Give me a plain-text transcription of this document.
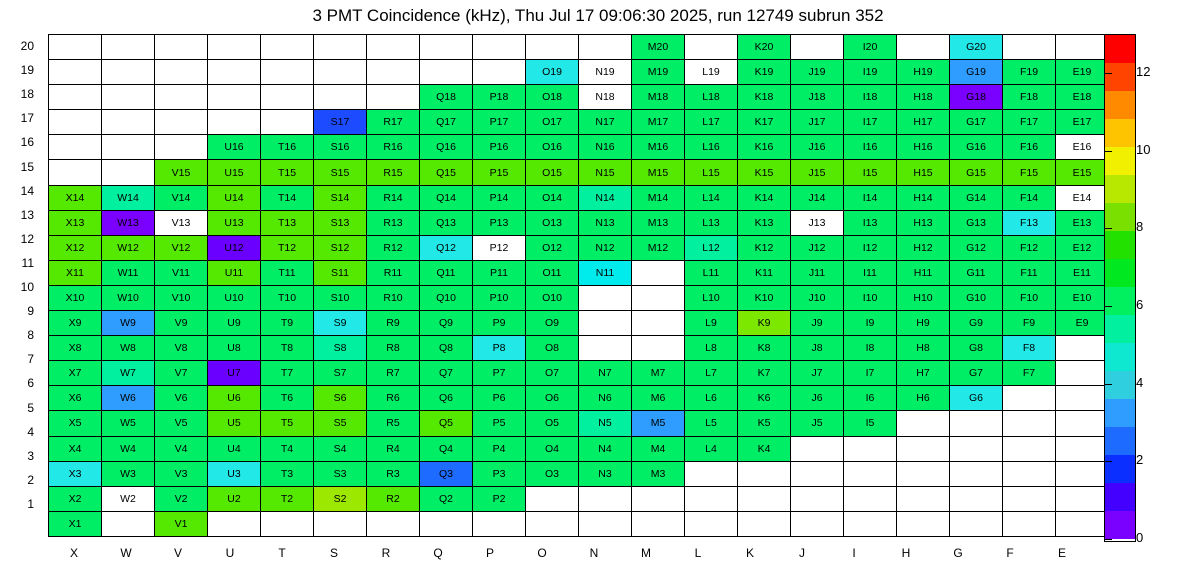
3 PMT Coincidence (kHz), Thu Jul 17 09:06:30 2025, run 12749 subrun 352
											M20		K20		I20		G20		
									O19	N19	M19	L19	K19	J19	I19	H19	G19	F19	E19
							Q18	P18	O18	N18	M18	L18	K18	J18	I18	H18	G18	F18	E18
					S17	R17	Q17	P17	O17	N17	M17	L17	K17	J17	I17	H17	G17	F17	E17
			U16	T16	S16	R16	Q16	P16	O16	N16	M16	L16	K16	J16	I16	H16	G16	F16	E16
		V15	U15	T15	S15	R15	Q15	P15	O15	N15	M15	L15	K15	J15	I15	H15	G15	F15	E15
X14	W14	V14	U14	T14	S14	R14	Q14	P14	O14	N14	M14	L14	K14	J14	I14	H14	G14	F14	E14
X13	W13	V13	U13	T13	S13	R13	Q13	P13	O13	N13	M13	L13	K13	J13	I13	H13	G13	F13	E13
X12	W12	V12	U12	T12	S12	R12	Q12	P12	O12	N12	M12	L12	K12	J12	I12	H12	G12	F12	E12
X11	W11	V11	U11	T11	S11	R11	Q11	P11	O11	N11		L11	K11	J11	I11	H11	G11	F11	E11
X10	W10	V10	U10	T10	S10	R10	Q10	P10	O10			L10	K10	J10	I10	H10	G10	F10	E10
X9	W9	V9	U9	T9	S9	R9	Q9	P9	O9			L9	K9	J9	I9	H9	G9	F9	E9
X8	W8	V8	U8	T8	S8	R8	Q8	P8	O8			L8	K8	J8	I8	H8	G8	F8	
X7	W7	V7	U7	T7	S7	R7	Q7	P7	O7	N7	M7	L7	K7	J7	I7	H7	G7	F7	
X6	W6	V6	U6	T6	S6	R6	Q6	P6	O6	N6	M6	L6	K6	J6	I6	H6	G6		
X5	W5	V5	U5	T5	S5	R5	Q5	P5	O5	N5	M5	L5	K5	J5	I5				
X4	W4	V4	U4	T4	S4	R4	Q4	P4	O4	N4	M4	L4	K4						
X3	W3	V3	U3	T3	S3	R3	Q3	P3	O3	N3	M3								
X2	W2	V2	U2	T2	S2	R2	Q2	P2											
X1		V1																	
20
19
18
17
16
15
14
13
12
11
10
9
8
7
6
5
4
3
2
1
X	W	V	U	T	S	R	Q	P	O	N	M	L	K	J	I	H	G	F	E
0
2
4
6
8
10
12
